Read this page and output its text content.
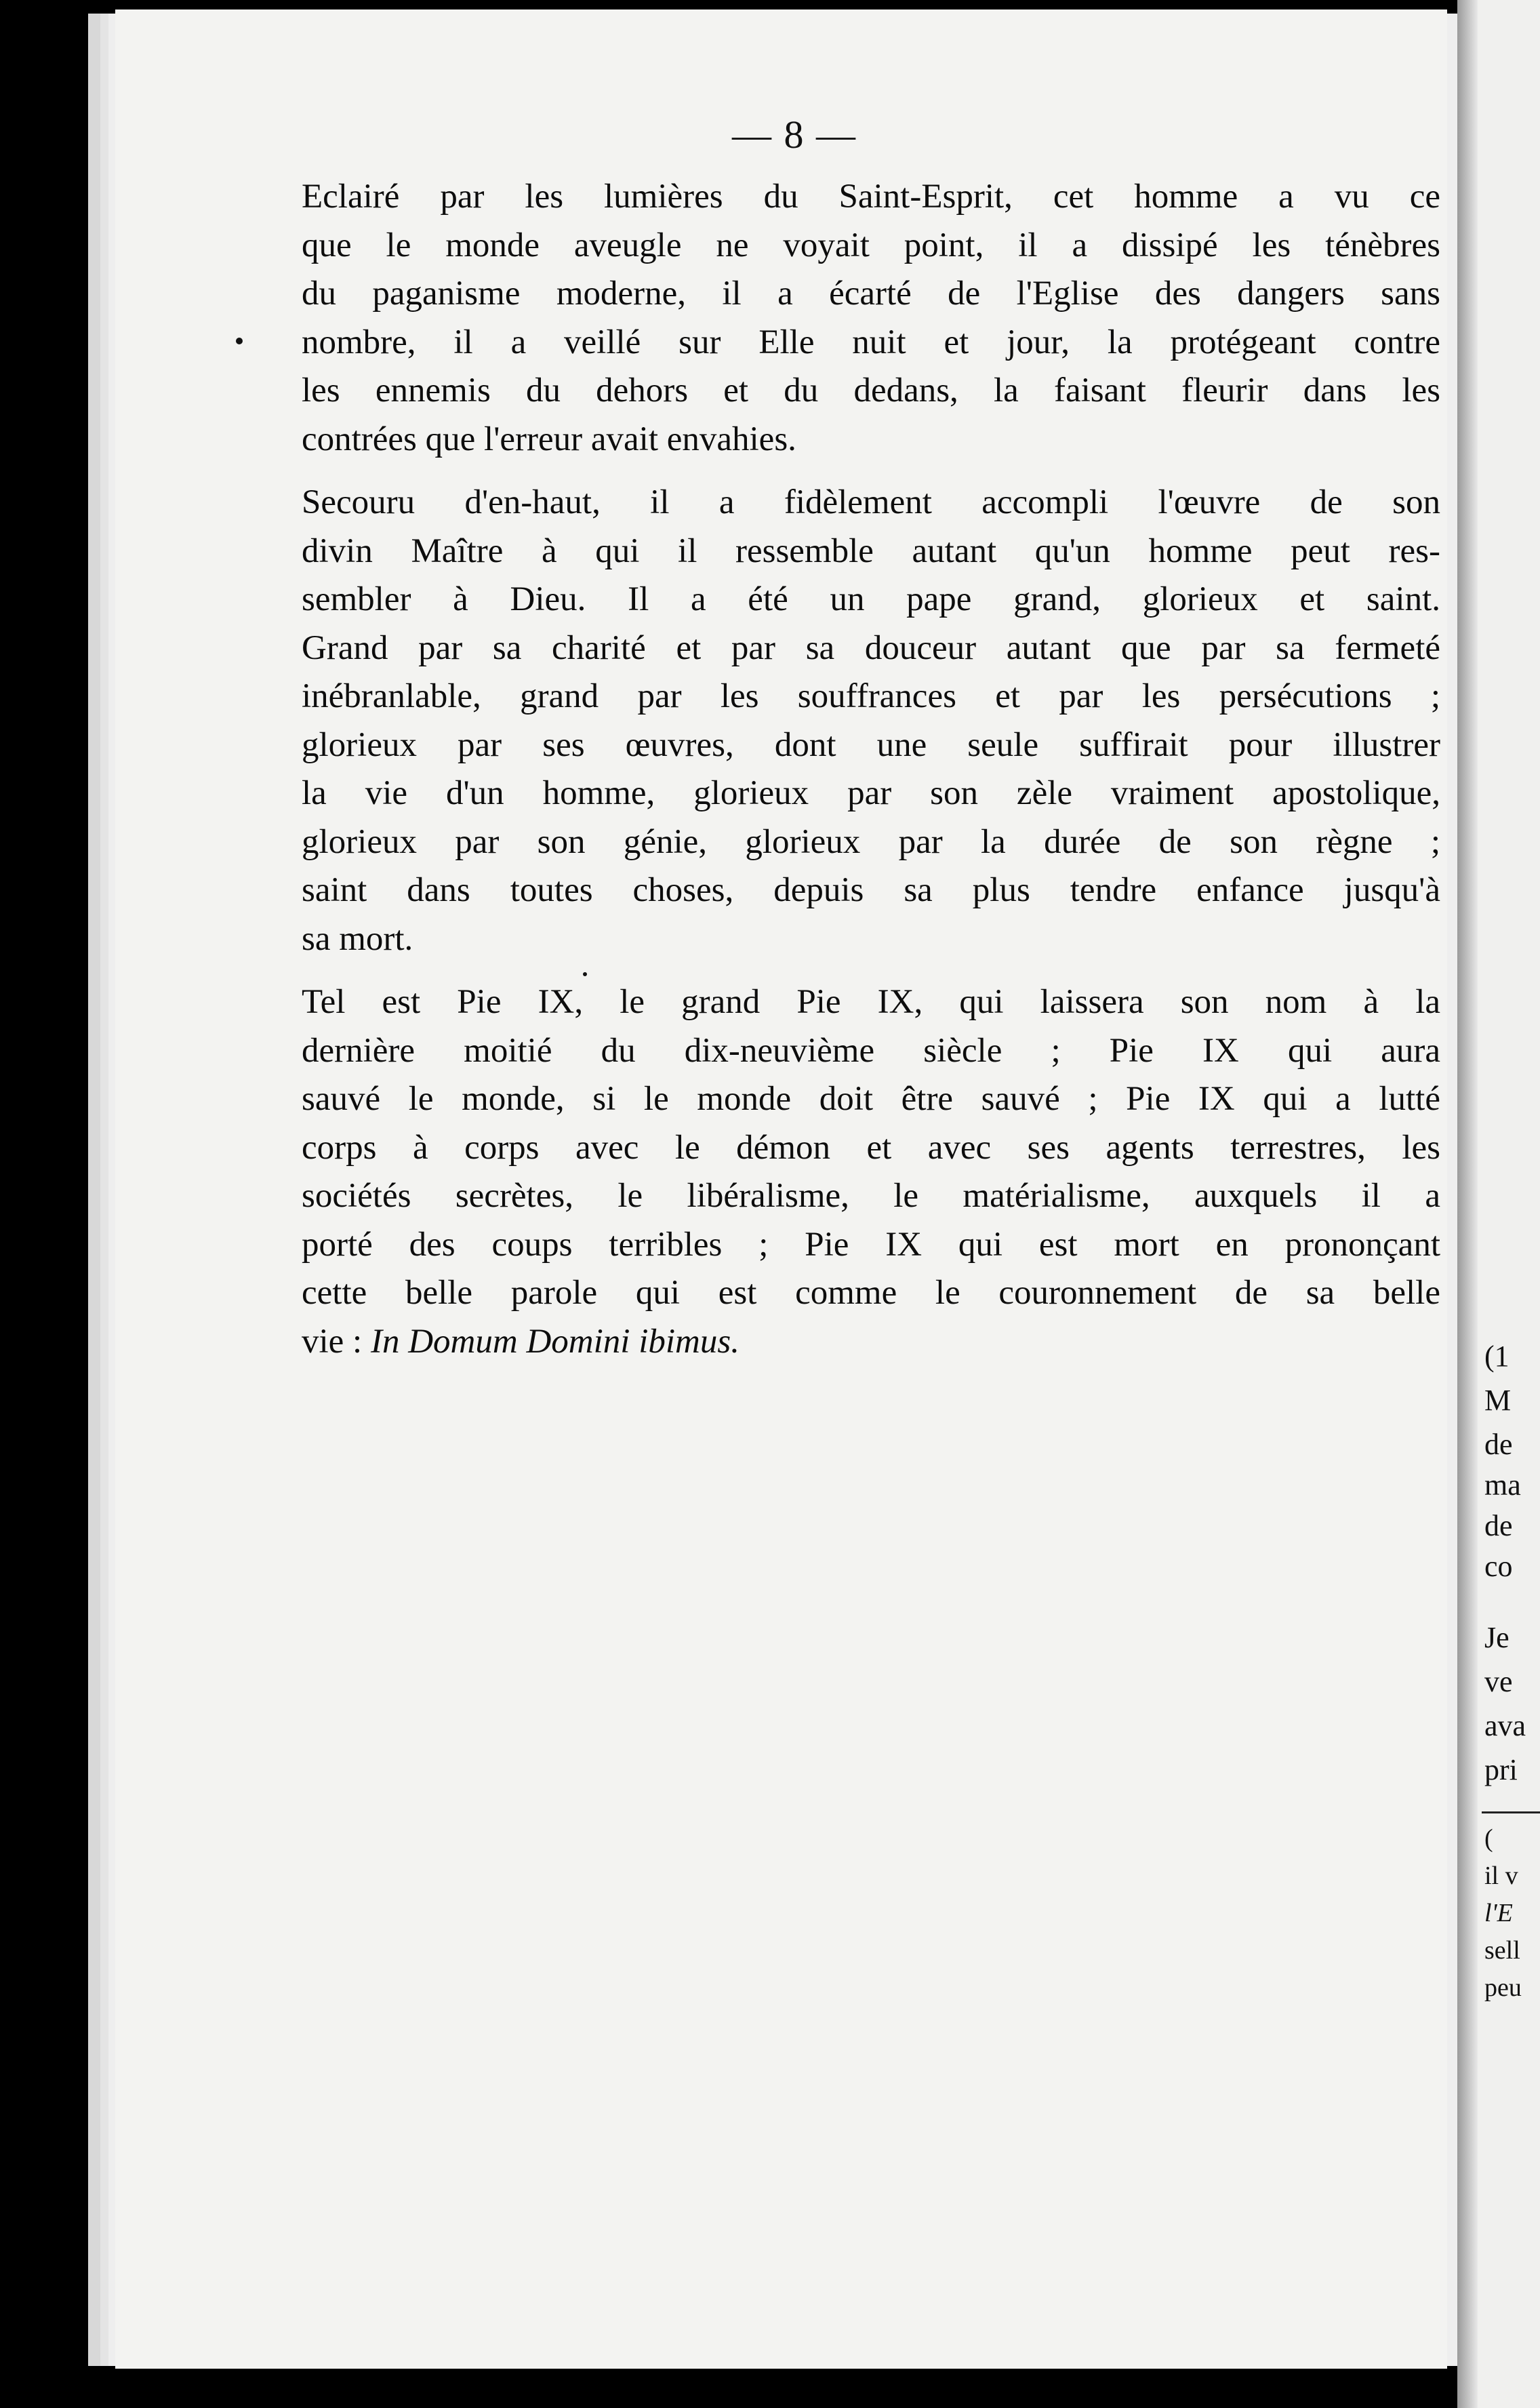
— 8 —

Eclairé par les lumières du Saint-Esprit, cet homme a vu ce
que le monde aveugle ne voyait point, il a dissipé les ténèbres
du paganisme moderne, il a écarté de l'Eglise des dangers sans
nombre, il a veillé sur Elle nuit et jour, la protégeant contre
les ennemis du dehors et du dedans, la faisant fleurir dans les
contrées que l'erreur avait envahies.

Secouru d'en-haut, il a fidèlement accompli l'œuvre de son
divin Maître à qui il ressemble autant qu'un homme peut res-
sembler à Dieu. Il a été un pape grand, glorieux et saint.
Grand par sa charité et par sa douceur autant que par sa fermeté
inébranlable, grand par les souffrances et par les persécutions ;
glorieux par ses œuvres, dont une seule suffirait pour illustrer
la vie d'un homme, glorieux par son zèle vraiment apostolique,
glorieux par son génie, glorieux par la durée de son règne ;
saint dans toutes choses, depuis sa plus tendre enfance jusqu'à
sa mort.

Tel est Pie IX, le grand Pie IX, qui laissera son nom à la
dernière moitié du dix-neuvième siècle ; Pie IX qui aura
sauvé le monde, si le monde doit être sauvé ; Pie IX qui a lutté
corps à corps avec le démon et avec ses agents terrestres, les
sociétés secrètes, le libéralisme, le matérialisme, auxquels il a
porté des coups terribles ; Pie IX qui est mort en prononçant
cette belle parole qui est comme le couronnement de sa belle
vie : In Domum Domini ibimus.	(1
M
de
ma
de
co
Je
ve
ava
pri
(
il v
l'E
sell
peu
